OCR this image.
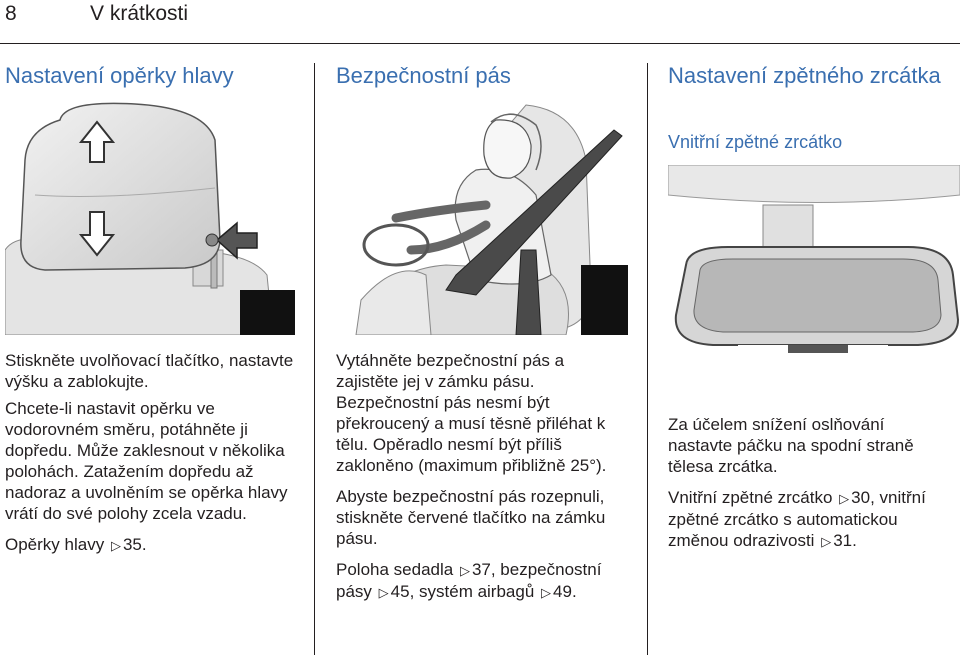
8	V krátkosti
Nastavení opěrky hlavy

Stiskněte uvolňovací tlačítko, nastavte výšku a zablokujte.

Chcete-li nastavit opěrku ve vodorovném směru, potáhněte ji dopředu. Může zaklesnout v několika polohách. Zatažením dopředu až nadoraz a uvolněním se opěrka hlavy vrátí do své polohy zcela vzadu.

Opěrky hlavy ▷ 35.

Bezpečnostní pás

Vytáhněte bezpečnostní pás a zajistěte jej v zámku pásu. Bezpečnostní pás nesmí být překroucený a musí těsně přiléhat k tělu. Opěradlo nesmí být příliš zakloněno (maximum přibližně 25°).

Abyste bezpečnostní pás rozepnuli, stiskněte červené tlačítko na zámku pásu.

Poloha sedadla ▷ 37, bezpečnostní pásy ▷ 45, systém airbagů ▷ 49.

Nastavení zpětného zrcátka
Vnitřní zpětné zrcátko

Za účelem snížení oslňování nastavte páčku na spodní straně tělesa zrcátka.

Vnitřní zpětné zrcátko ▷ 30, vnitřní zpětné zrcátko s automatickou změnou odrazivosti ▷ 31.
